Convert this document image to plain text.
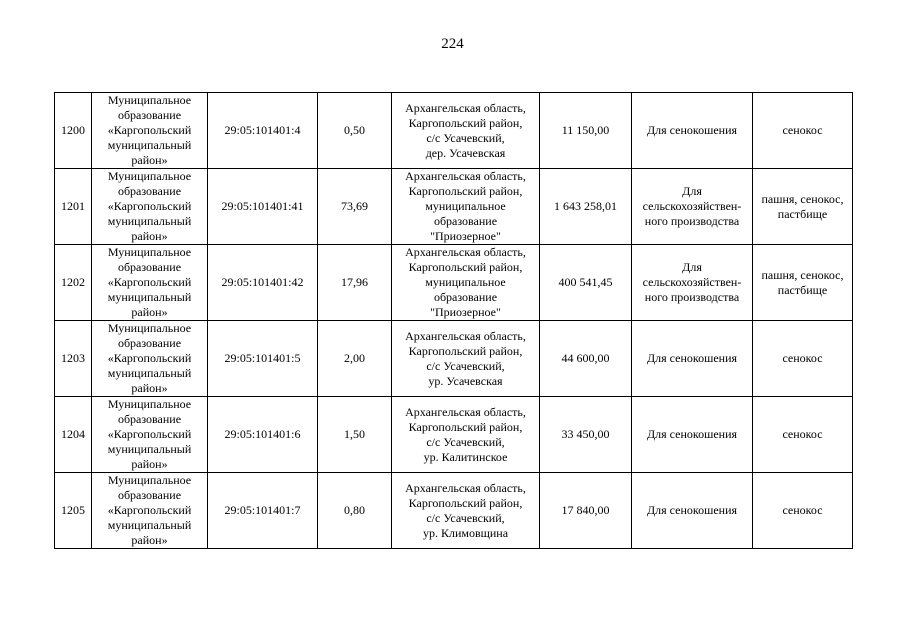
224
1200	Муниципальное
образование
«Каргопольский
муниципальный
район»	29:05:101401:4	0,50	Архангельская область,
Каргопольский район,
с/с Усачевский,
дер. Усачевская	11 150,00	Для сенокошения	сенокос
1201	Муниципальное
образование
«Каргопольский
муниципальный
район»	29:05:101401:41	73,69	Архангельская область,
Каргопольский район,
муниципальное
образование
"Приозерное"	1 643 258,01	Для
сельскохозяйствен-
ного производства	пашня, сенокос,
пастбище
1202	Муниципальное
образование
«Каргопольский
муниципальный
район»	29:05:101401:42	17,96	Архангельская область,
Каргопольский район,
муниципальное
образование
"Приозерное"	400 541,45	Для
сельскохозяйствен-
ного производства	пашня, сенокос,
пастбище
1203	Муниципальное
образование
«Каргопольский
муниципальный
район»	29:05:101401:5	2,00	Архангельская область,
Каргопольский район,
с/с Усачевский,
ур. Усачевская	44 600,00	Для сенокошения	сенокос
1204	Муниципальное
образование
«Каргопольский
муниципальный
район»	29:05:101401:6	1,50	Архангельская область,
Каргопольский район,
с/с Усачевский,
ур. Калитинское	33 450,00	Для сенокошения	сенокос
1205	Муниципальное
образование
«Каргопольский
муниципальный
район»	29:05:101401:7	0,80	Архангельская область,
Каргопольский район,
с/с Усачевский,
ур. Климовщина	17 840,00	Для сенокошения	сенокос
